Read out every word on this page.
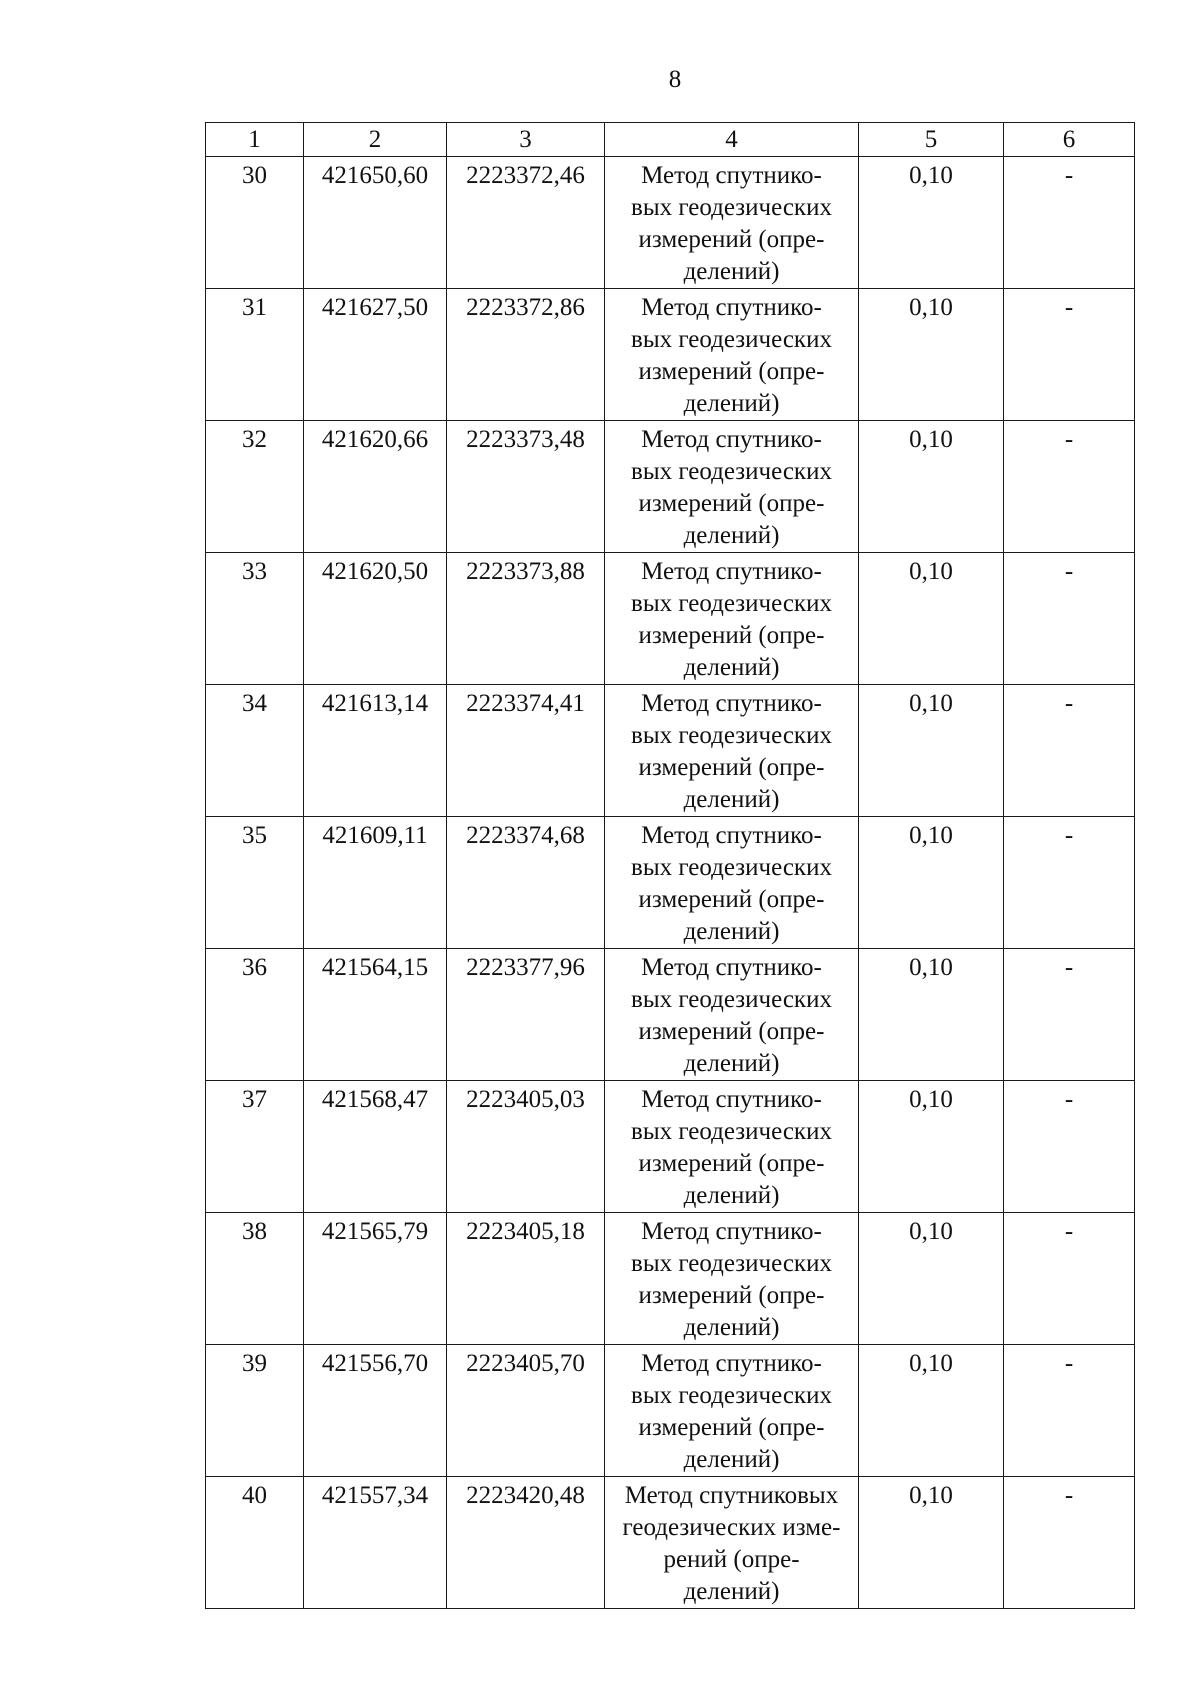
8
1	2	3	4	5	6
30	421650,60	2223372,46	Метод спутнико-
вых геодезических
измерений (опре-
делений)	0,10	-
31	421627,50	2223372,86	Метод спутнико-
вых геодезических
измерений (опре-
делений)	0,10	-
32	421620,66	2223373,48	Метод спутнико-
вых геодезических
измерений (опре-
делений)	0,10	-
33	421620,50	2223373,88	Метод спутнико-
вых геодезических
измерений (опре-
делений)	0,10	-
34	421613,14	2223374,41	Метод спутнико-
вых геодезических
измерений (опре-
делений)	0,10	-
35	421609,11	2223374,68	Метод спутнико-
вых геодезических
измерений (опре-
делений)	0,10	-
36	421564,15	2223377,96	Метод спутнико-
вых геодезических
измерений (опре-
делений)	0,10	-
37	421568,47	2223405,03	Метод спутнико-
вых геодезических
измерений (опре-
делений)	0,10	-
38	421565,79	2223405,18	Метод спутнико-
вых геодезических
измерений (опре-
делений)	0,10	-
39	421556,70	2223405,70	Метод спутнико-
вых геодезических
измерений (опре-
делений)	0,10	-
40	421557,34	2223420,48	Метод спутниковых
геодезических изме-
рений (опре-
делений)	0,10	-
